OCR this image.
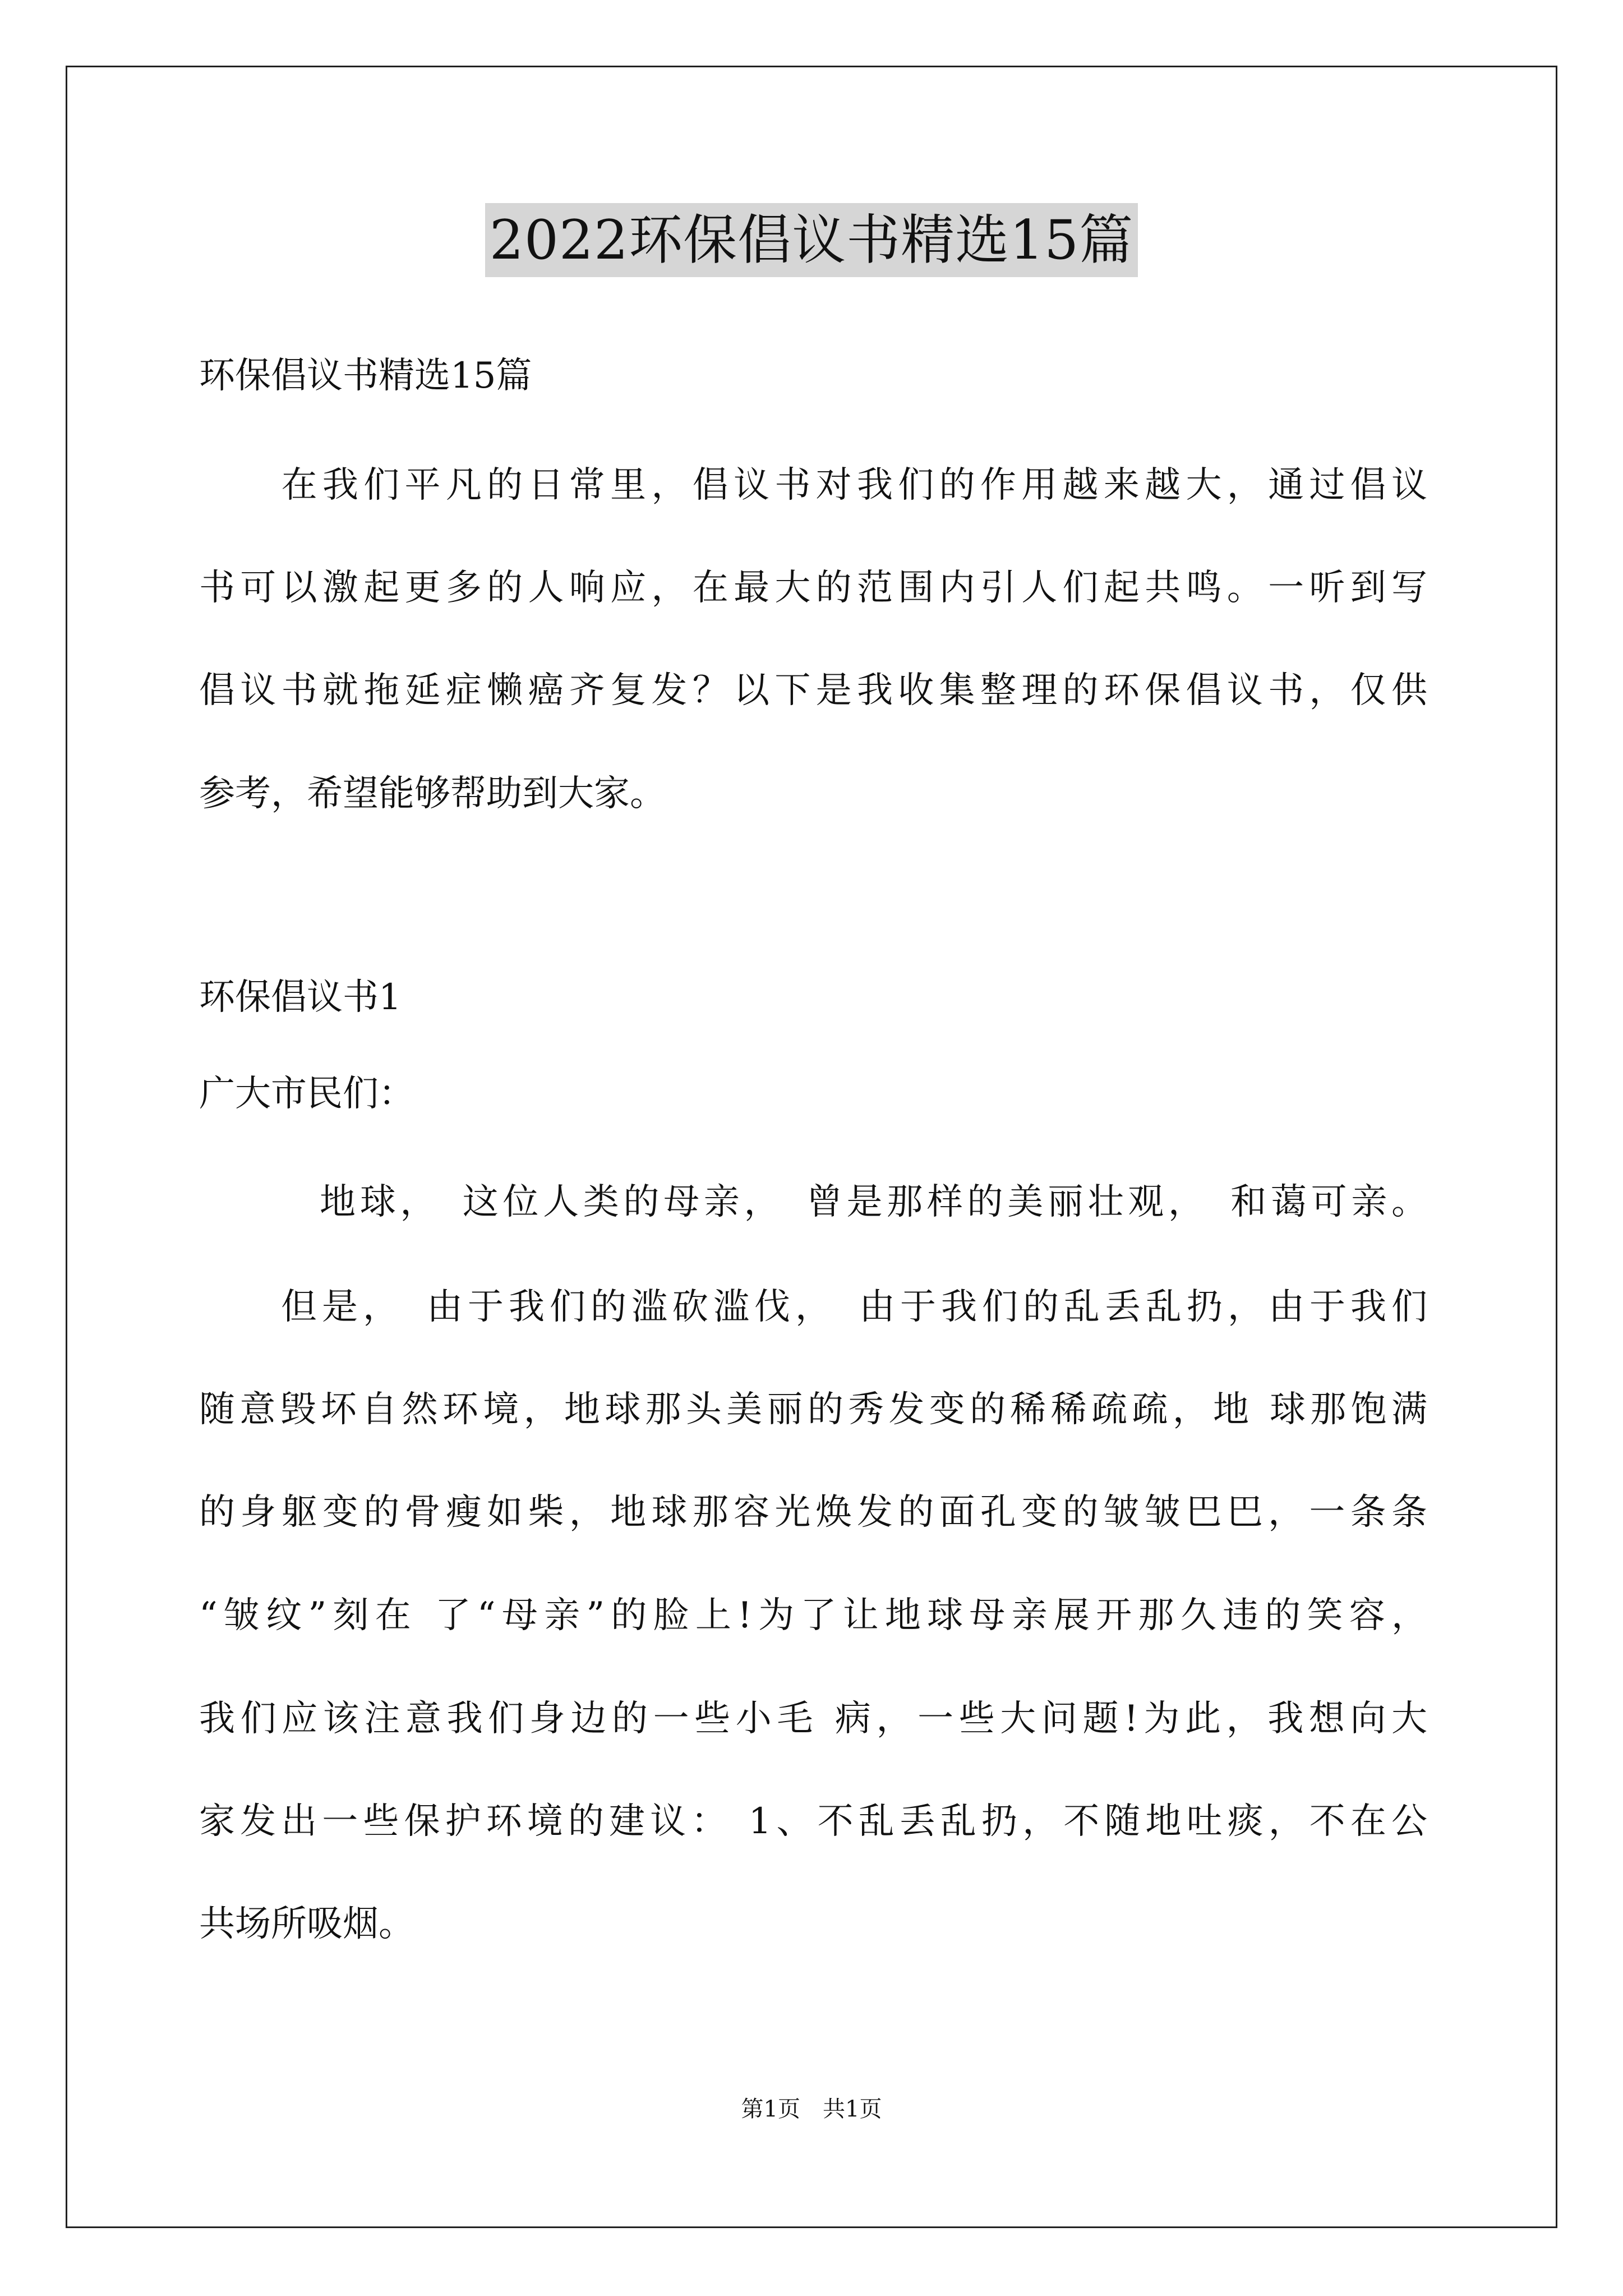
2022环保倡议书精选15篇
环保倡议书精选15篇
　　在我们平凡的日常里，倡议书对我们的作用越来越大，通过倡议
书可以激起更多的人响应，在最大的范围内引人们起共鸣。一听到写
倡议书就拖延症懒癌齐复发？以下是我收集整理的环保倡议书，仅供
参考，希望能够帮助到大家。
环保倡议书1
广大市民们：
　　　地球，　这位人类的母亲，　曾是那样的美丽壮观，　和蔼可亲。
　　但是，　由于我们的滥砍滥伐，　由于我们的乱丢乱扔，由于我们
随意毁坏自然环境，地球那头美丽的秀发变的稀稀疏疏，地 球那饱满
的身躯变的骨瘦如柴，地球那容光焕发的面孔变的皱皱巴巴，一条条
“皱纹”刻在 了“母亲”的脸上!为了让地球母亲展开那久违的笑容，
我们应该注意我们身边的一些小毛 病，一些大问题!为此，我想向大
家发出一些保护环境的建议： 1、不乱丢乱扔，不随地吐痰，不在公
共场所吸烟。
第1页　共1页
